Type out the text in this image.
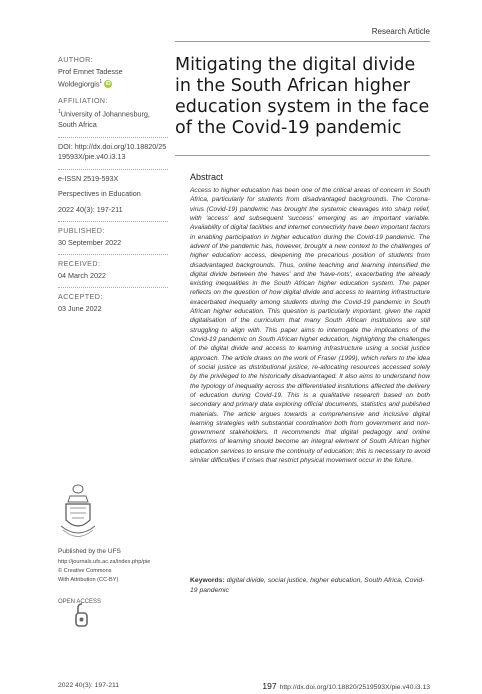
Research Article
AUTHOR:
Prof Emnet Tadesse Woldegiorgis$^1$ iD
AFFILIATION:
$^1$University of Johannesburg, South Africa
DOI: http://dx.doi.org/10.18820/2519593X/pie.v40.i3.13
e-ISSN 2519-593X
Perspectives in Education
2022 40(3): 197-211
PUBLISHED:
30 September 2022
RECEIVED:
04 March 2022
ACCEPTED:
03 June 2022
Published by the UFS
http://journals.ufs.ac.za/index.php/pie
© Creative Commons
With Attribution (CC-BY)
OPEN ACCESS
Mitigating the digital divide in the South African higher education system in the face of the Covid-19 pandemic
Abstract
Access to higher education has been one of the critical areas of concern in South Africa, particularly for students from disadvantaged backgrounds. The Corona-virus (Covid-19) pandemic has brought the systemic cleavages into sharp relief, with 'access' and subsequent 'success' emerging as an important variable. Availability of digital facilities and internet connectivity have been important factors in enabling participation in higher education during the Covid-19 pandemic. The advent of the pandemic has, however, brought a new context to the challenges of higher education access, deepening the precarious position of students from disadvantaged backgrounds. Thus, online teaching and learning intensified the digital divide between the 'haves' and the 'have-nots', exacerbating the already existing inequalities in the South African higher education system. The paper reflects on the question of how digital divide and access to learning infrastructure exacerbated inequality among students during the Covid-19 pandemic in South African higher education. This question is particularly important, given the rapid digitalisation of the curriculum that many South African institutions are still struggling to align with. This paper aims to interrogate the implications of the Covid-19 pandemic on South African higher education, highlighting the challenges of the digital divide and access to learning infrastructure using a social justice approach. The article draws on the work of Fraser (1999), which refers to the idea of social justice as distributional justice, re-allocating resources accessed solely by the privileged to the historically disadvantaged. It also aims to understand how the typology of inequality across the differentiated institutions affected the delivery of education during Covid-19. This is a qualitative research based on both secondary and primary data exploring official documents, statistics and published materials. The article argues towards a comprehensive and inclusive digital learning strategies with substantial coordination both from government and non-government stakeholders. It recommends that digital pedagogy and online platforms of learning should become an integral element of South African higher education services to ensure the continuity of education; this is necessary to avoid similar difficulties if crises that restrict physical movement occur in the future.
Keywords: digital divide, social justice, higher education, South Africa, Covid-19 pandemic
2022 40(3): 197-211	197 http://dx.doi.org/10.18820/2519593X/pie.v40.i3.13
